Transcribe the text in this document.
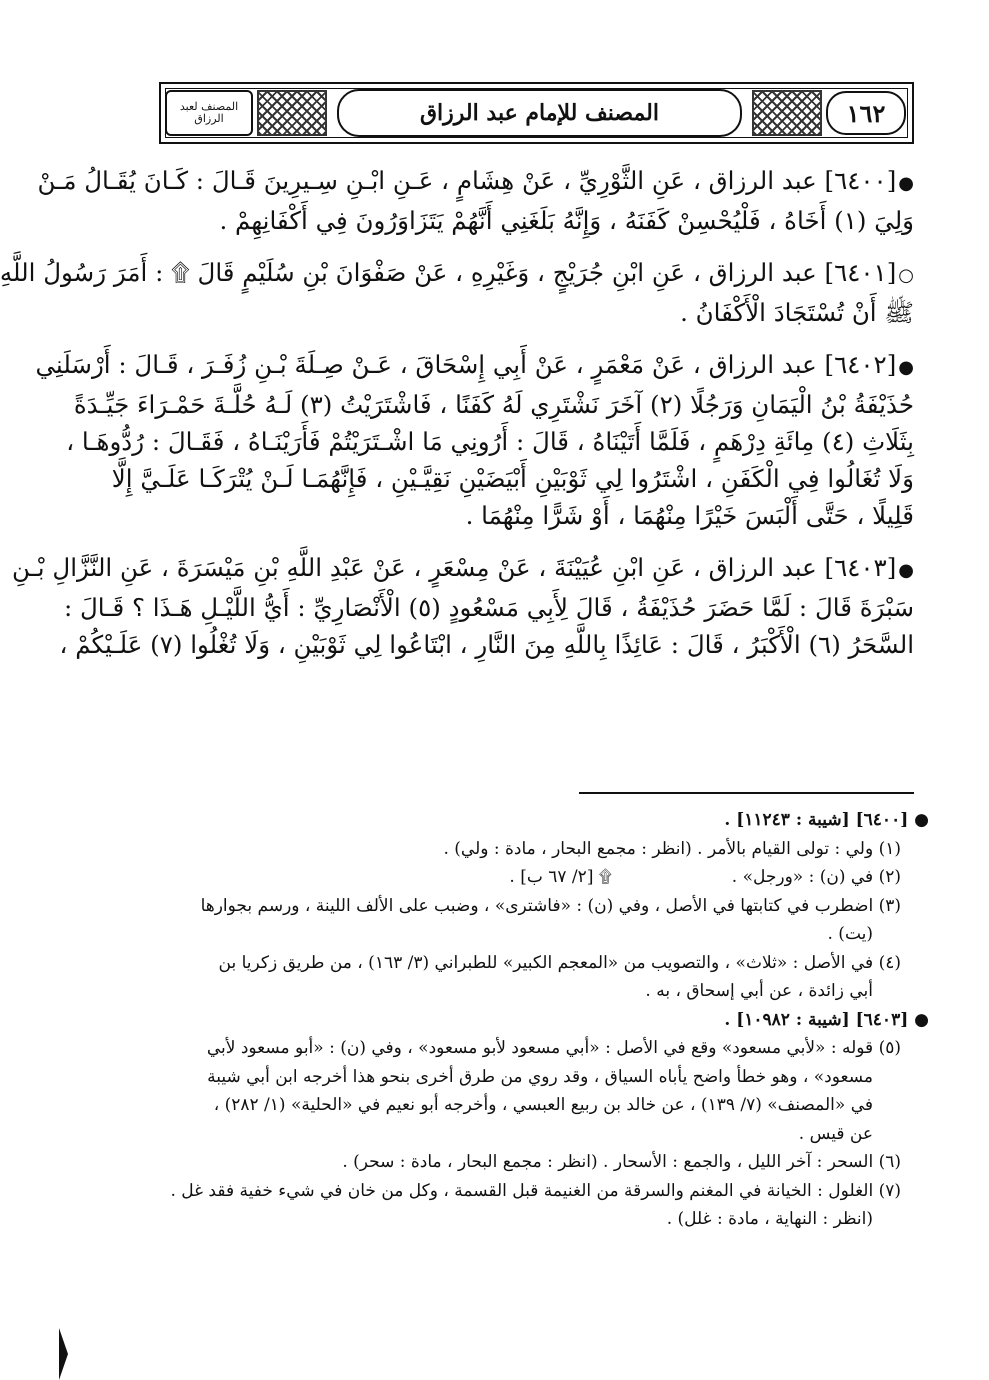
المصنف لعبد الرزاق	المصنف للإمام عبد الرزاق	١٦٢
●[٦٤٠٠] عبد الرزاق ، عَنِ الثَّوْرِيِّ ، عَنْ هِشَامٍ ، عَـنِ ابْـنِ سِـيرِينَ قَـالَ : كَـانَ يُقَـالُ مَـنْ
وَلِيَ (١) أَخَاهُ ، فَلْيُحْسِنْ كَفَنَهُ ، وَإِنَّهُ بَلَغَنِي أَنَّهُمْ يَتَزَاوَرُونَ فِي أَكْفَانِهِمْ .
○[٦٤٠١] عبد الرزاق ، عَنِ ابْنِ جُرَيْجٍ ، وَغَيْرِهِ ، عَنْ صَفْوَانَ بْنِ سُلَيْمٍ قَالَ ۩ : أَمَرَ رَسُولُ اللَّهِ
ﷺ أَنْ تُسْتَجَادَ الْأَكْفَانُ .
●[٦٤٠٢] عبد الرزاق ، عَنْ مَعْمَرٍ ، عَنْ أَبِي إِسْحَاقَ ، عَـنْ صِـلَةَ بْـنِ زُفَـرَ ، قَـالَ : أَرْسَلَنِي
حُذَيْفَةُ بْنُ الْيَمَانِ وَرَجُلًا (٢) آخَرَ نَشْتَرِي لَهُ كَفَنًا ، فَاشْتَرَيْتُ (٣) لَـهُ حُلَّـةَ حَمْـرَاءَ جَيِّـدَةً
بِثَلَاثِ (٤) مِائَةِ دِرْهَمٍ ، فَلَمَّا أَتَيْنَاهُ ، قَالَ : أَرُونِي مَا اشْـتَرَيْتُمْ فَأَرَيْنَـاهُ ، فَقَـالَ : رُدُّوهَـا ،
وَلَا تُغَالُوا فِي الْكَفَنِ ، اشْتَرُوا لِي ثَوْبَيْنِ أَبْيَضَيْنِ نَقِيَّـيْنِ ، فَإِنَّهُمَـا لَـنْ يُتْرَكَـا عَلَـيَّ إِلَّا
قَلِيلًا ، حَتَّى أَلْبَسَ خَيْرًا مِنْهُمَا ، أَوْ شَرًّا مِنْهُمَا .
●[٦٤٠٣] عبد الرزاق ، عَنِ ابْنِ عُيَيْنَةَ ، عَنْ مِسْعَرٍ ، عَنْ عَبْدِ اللَّهِ بْنِ مَيْسَرَةَ ، عَنِ النَّزَّالِ بْـنِ
سَبْرَةَ قَالَ : لَمَّا حَضَرَ حُذَيْفَةُ ، قَالَ لِأَبِي مَسْعُودٍ (٥) الْأَنْصَارِيِّ : أَيُّ اللَّيْـلِ هَـذَا ؟ قَـالَ :
السَّحَرُ (٦) الْأَكْبَرُ ، قَالَ : عَائِذًا بِاللَّهِ مِنَ النَّارِ ، ابْتَاعُوا لِي ثَوْبَيْنِ ، وَلَا تُغْلُوا (٧) عَلَـيْكُمْ ،
● [٦٤٠٠] [شيبة : ١١٢٤٣] .
(١) ولي : تولى القيام بالأمر . (انظر : مجمع البحار ، مادة : ولي) .
(٢) في (ن) : «ورجل» .
۩ [٢/ ٦٧ ب] .
(٣) اضطرب في كتابتها في الأصل ، وفي (ن) : «فاشترى» ، وضبب على الألف اللينة ، ورسم بجوارها
(يت) .
(٤) في الأصل : «ثلاث» ، والتصويب من «المعجم الكبير» للطبراني (٣/ ١٦٣) ، من طريق زكريا بن
أبي زائدة ، عن أبي إسحاق ، به .
● [٦٤٠٣] [شيبة : ١٠٩٨٢] .
(٥) قوله : «لأبي مسعود» وقع في الأصل : «أبي مسعود لأبو مسعود» ، وفي (ن) : «أبو مسعود لأبي
مسعود» ، وهو خطأ واضح يأباه السياق ، وقد روي من طرق أخرى بنحو هذا أخرجه ابن أبي شيبة
في «المصنف» (٧/ ١٣٩) ، عن خالد بن ربيع العبسي ، وأخرجه أبو نعيم في «الحلية» (١/ ٢٨٢) ،
عن قيس .
(٦) السحر : آخر الليل ، والجمع : الأسحار . (انظر : مجمع البحار ، مادة : سحر) .
(٧) الغلول : الخيانة في المغنم والسرقة من الغنيمة قبل القسمة ، وكل من خان في شيء خفية فقد غل .
(انظر : النهاية ، مادة : غلل) .
